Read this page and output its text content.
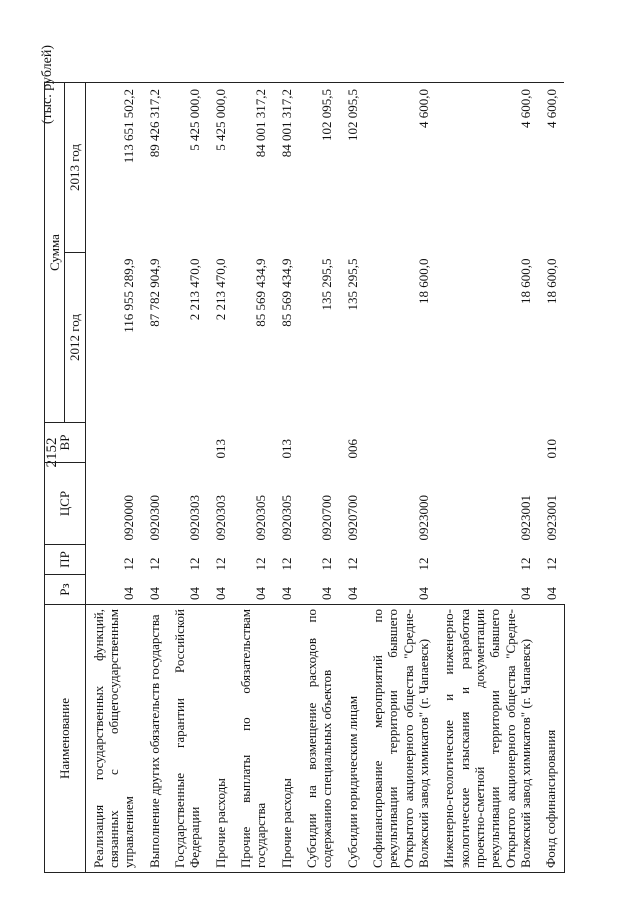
2152
(тыс. рублей)
Наименование	Рз	ПР	ЦСР	ВР	Сумма	
					2012 год	2013 год
Реализация государственных функций, связанных с общегосударственным управлением	04	12	0920000		116 955 289,9	113 651 502,2
Выполнение других обязательств государства	04	12	0920300		87 782 904,9	89 426 317,2
Государственные гарантии Российской Федерации	04	12	0920303		2 213 470,0	5 425 000,0
Прочие расходы	04	12	0920303	013	2 213 470,0	5 425 000,0
Прочие выплаты по обязательствам государства	04	12	0920305		85 569 434,9	84 001 317,2
Прочие расходы	04	12	0920305	013	85 569 434,9	84 001 317,2
Субсидии на возмещение расходов по содержанию специальных объектов	04	12	0920700		135 295,5	102 095,5
Субсидии юридическим лицам	04	12	0920700	006	135 295,5	102 095,5
Софинансирование мероприятий по рекультивации территории бывшего Открытого акционерного общества "Средне-Волжский завод химикатов" (г. Чапаевск)	04	12	0923000		18 600,0	4 600,0
Инженерно-геологические и инженерно-экологические изыскания и разработка проектно-сметной документации рекультивации территории бывшего Открытого акционерного общества "Средне-Волжский завод химикатов" (г. Чапаевск)	04	12	0923001		18 600,0	4 600,0
Фонд софинансирования	04	12	0923001	010	18 600,0	4 600,0
